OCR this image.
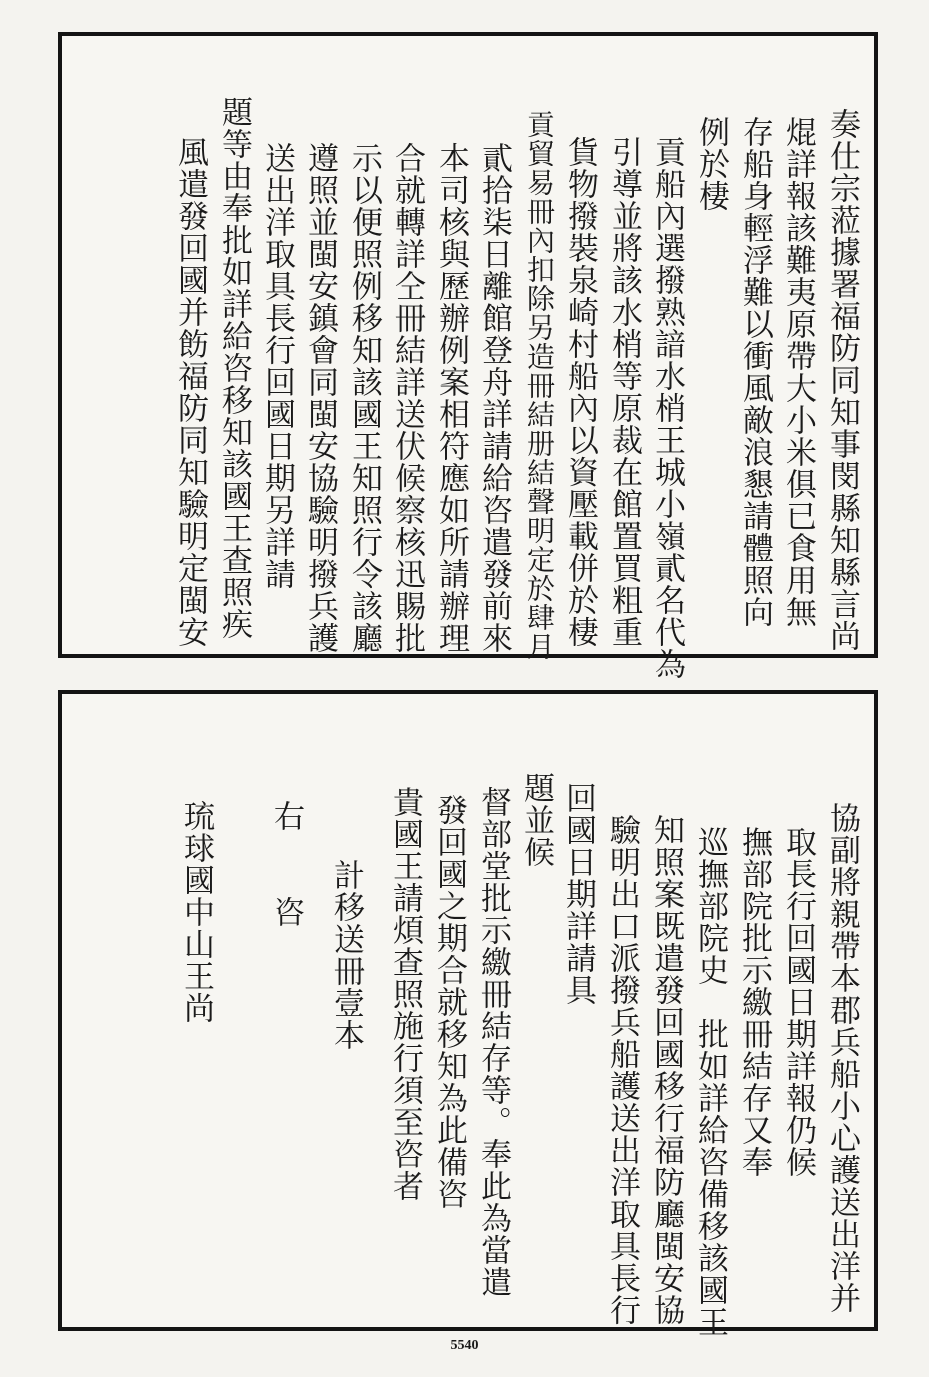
奏仕宗蒞據署福防同知事閔縣知縣言尚
焜詳報該難夷原帶大小米俱已食用無
存船身輕浮難以衝風敵浪懇請體照向
例於棲
貢船內選撥熟諳水梢王城小嶺貳名代為
引導並將該水梢等原裁在館置買粗重
貨物撥裝泉崎村船內以資壓載併於棲
貢貿易冊內扣除另造冊結册結聲明定於肆月
貳拾柒日離館登舟詳請給咨遣發前來
本司核與歷辦例案相符應如所請辦理
合就轉詳仝冊結詳送伏候察核迅賜批
示以便照例移知該國王知照行令該廳
遵照並閩安鎮會同閩安協驗明撥兵護
送出洋取具長行回國日期另詳請
題等由奉批如詳給咨移知該國王查照疾
風遣發回國并飭福防同知驗明定閩安
協副將親帶本郡兵船小心護送出洋并
取長行回國日期詳報仍候
撫部院批示繳冊結存又奉
巡撫部院史　批如詳給咨備移該國王
知照案既遣發回國移行福防廳閩安協
驗明出口派撥兵船護送出洋取具長行
回國日期詳請具
題並候
督部堂批示繳冊結存等。奉此為當遣
發回國之期合就移知為此備咨
貴國王請煩查照施行須至咨者
計移送冊壹本
右　　咨
琉球國中山王尚
5540
